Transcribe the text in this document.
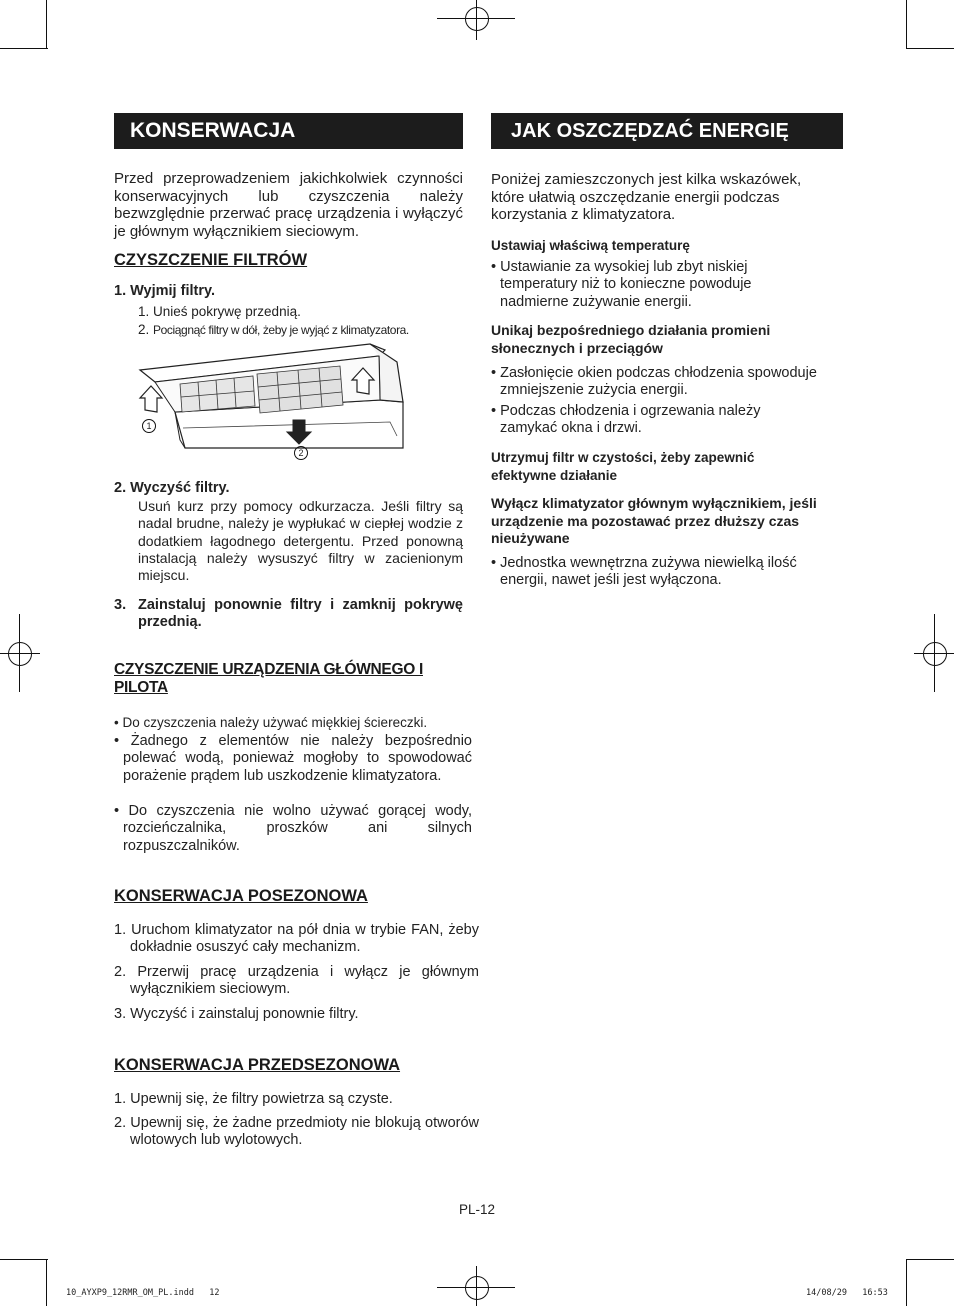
KONSERWACJA
Przed przeprowadzeniem jakichkolwiek czynności konserwacyjnych lub czyszczenia należy bezwzględnie przerwać pracę urządzenia i wyłączyć je głównym wyłącznikiem sieciowym.
CZYSZCZENIE FILTRÓW
1. Wyjmij filtry.
1. Unieś pokrywę przednią.
2. Pociągnąć filtry w dół, żeby je wyjąć z klimatyzatora.
1
2
2. Wyczyść filtry.
Usuń kurz przy pomocy odkurzacza. Jeśli filtry są nadal brudne, należy je wypłukać w ciepłej wodzie z dodatkiem łagodnego detergentu. Przed ponowną instalacją należy wysuszyć filtry w zacienionym miejscu.
3. Zainstaluj ponownie filtry i zamknij pokrywę przednią.
CZYSZCZENIE URZĄDZENIA GŁÓWNEGO I PILOTA
• Do czyszczenia należy używać miękkiej ściereczki.
• Żadnego z elementów nie należy bezpośrednio polewać wodą, ponieważ mogłoby to spowodować porażenie prądem lub uszkodzenie klimatyzatora.
• Do czyszczenia nie wolno używać gorącej wody, rozcieńczalnika, proszków ani silnych rozpuszczalników.
KONSERWACJA POSEZONOWA
1. Uruchom klimatyzator na pół dnia w trybie FAN, żeby dokładnie osuszyć cały mechanizm.
2. Przerwij pracę urządzenia i wyłącz je głównym wyłącznikiem sieciowym.
3. Wyczyść i zainstaluj ponownie filtry.
KONSERWACJA PRZEDSEZONOWA
1. Upewnij się, że filtry powietrza są czyste.
2. Upewnij się, że żadne przedmioty nie blokują otworów wlotowych lub wylotowych.
JAK OSZCZĘDZAĆ ENERGIĘ
Poniżej zamieszczonych jest kilka wskazówek, które ułatwią oszczędzanie energii podczas korzystania z klimatyzatora.
Ustawiaj właściwą temperaturę
• Ustawianie za wysokiej lub zbyt niskiej temperatury niż to konieczne powoduje nadmierne zużywanie energii.
Unikaj bezpośredniego działania promieni słonecznych i przeciągów
• Zasłonięcie okien podczas chłodzenia spowoduje zmniejszenie zużycia energii.
• Podczas chłodzenia i ogrzewania należy zamykać okna i drzwi.
Utrzymuj filtr w czystości, żeby zapewnić efektywne działanie
Wyłącz klimatyzator głównym wyłącznikiem, jeśli urządzenie ma pozostawać przez dłuższy czas nieużywane
• Jednostka wewnętrzna zużywa niewielką ilość energii, nawet jeśli jest wyłączona.
PL-12
10_AYXP9_12RMR_OM_PL.indd   12	14/08/29   16:53
